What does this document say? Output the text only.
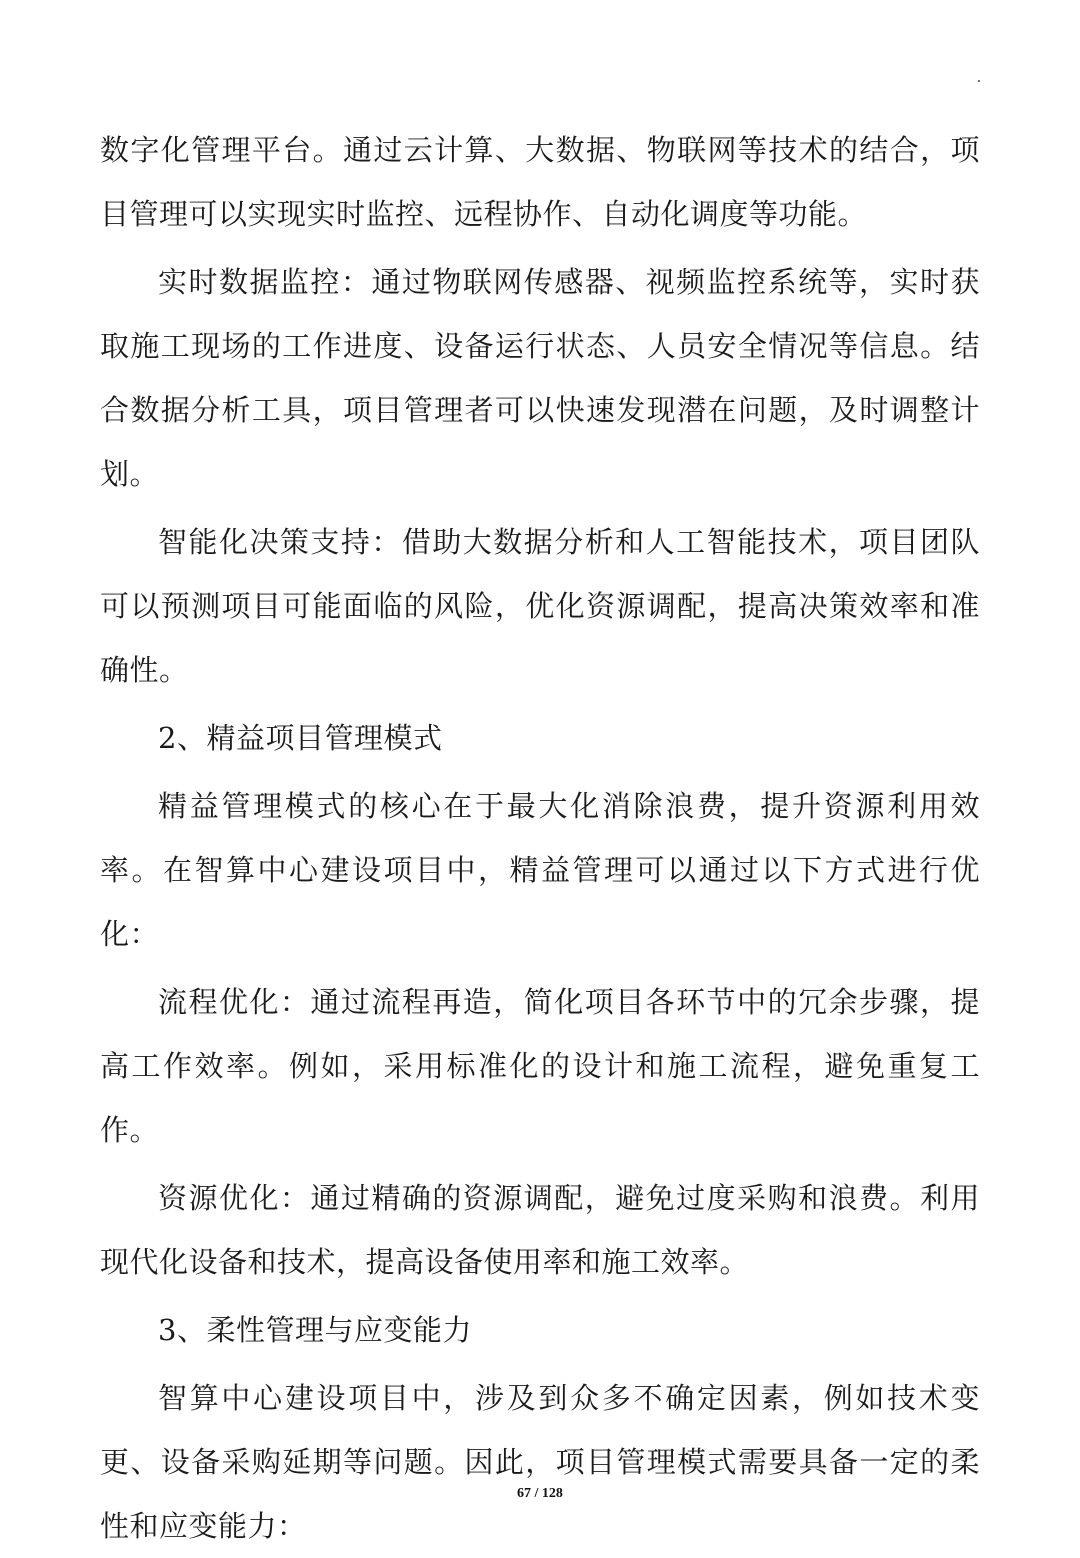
数字化管理平台。通过云计算、大数据、物联网等技术的结合，项目管理可以实现实时监控、远程协作、自动化调度等功能。

实时数据监控：通过物联网传感器、视频监控系统等，实时获取施工现场的工作进度、设备运行状态、人员安全情况等信息。结合数据分析工具，项目管理者可以快速发现潜在问题，及时调整计划。

智能化决策支持：借助大数据分析和人工智能技术，项目团队可以预测项目可能面临的风险，优化资源调配，提高决策效率和准确性。

2、精益项目管理模式

精益管理模式的核心在于最大化消除浪费，提升资源利用效率。在智算中心建设项目中，精益管理可以通过以下方式进行优化：

流程优化：通过流程再造，简化项目各环节中的冗余步骤，提高工作效率。例如，采用标准化的设计和施工流程，避免重复工作。

资源优化：通过精确的资源调配，避免过度采购和浪费。利用现代化设备和技术，提高设备使用率和施工效率。

3、柔性管理与应变能力

智算中心建设项目中，涉及到众多不确定因素，例如技术变更、设备采购延期等问题。因此，项目管理模式需要具备一定的柔性和应变能力：

67 / 128
